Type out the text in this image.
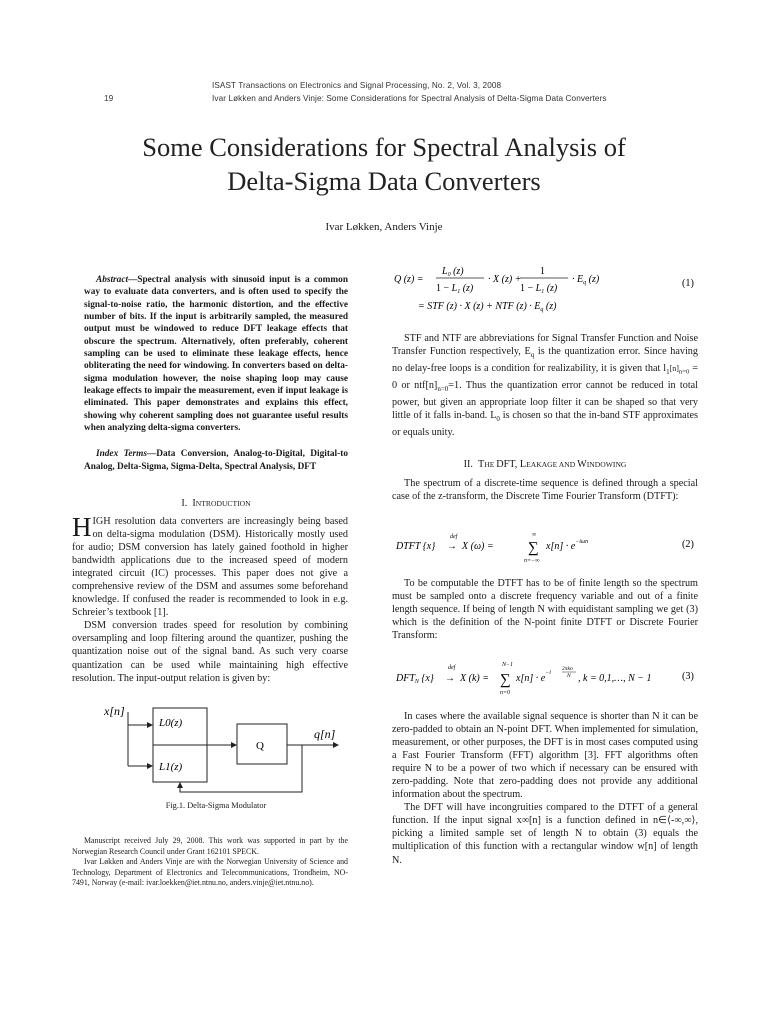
19
ISAST Transactions on Electronics and Signal Processing, No. 2, Vol. 3, 2008
Ivar Løkken and Anders Vinje: Some Considerations for Spectral Analysis of Delta-Sigma Data Converters
Some Considerations for Spectral Analysis of
Delta-Sigma Data Converters
Ivar Løkken, Anders Vinje

Abstract—Spectral analysis with sinusoid input is a common way to evaluate data converters, and is often used to specify the signal-to-noise ratio, the harmonic distortion, and the effective number of bits. If the input is arbitrarily sampled, the measured output must be windowed to reduce DFT leakage effects that obscure the spectrum. Alternatively, often preferably, coherent sampling can be used to eliminate these leakage effects, hence obliterating the need for windowing. In converters based on delta-sigma modulation however, the noise shaping loop may cause leakage effects to impair the measurement, even if input leakage is eliminated. This paper demonstrates and explains this effect, showing why coherent sampling does not guarantee useful results when analyzing delta-sigma converters.

Index Terms—Data Conversion, Analog-to-Digital, Digital-to Analog, Delta-Sigma, Sigma-Delta, Spectral Analysis, DFT

I. INTRODUCTION

HIGH resolution data converters are increasingly being based on delta-sigma modulation (DSM). Historically mostly used for audio; DSM conversion has lately gained foothold in higher bandwidth applications due to the increased speed of modern integrated circuit (IC) processes. This paper does not give a comprehensive review of the DSM and assumes some beforehand knowledge. If confused the reader is recommended to look in e.g. Schreier’s textbook [1].

DSM conversion trades speed for resolution by combining oversampling and loop filtering around the quantizer, pushing the quantization noise out of the signal band. As such very coarse quantization can be used while maintaining high effective resolution. The input-output relation is given by:

x[n]
L0(z)
L1(z)
Q
q[n]
Fig.1. Delta-Sigma Modulator

Manuscript received July 29, 2008. This work was supported in part by the Norwegian Research Council under Grant 162101 SPECK.

Ivar Løkken and Anders Vinje are with the Norwegian University of Science and Technology, Department of Electronics and Telecommunications, Trondheim, NO-7491, Norway (e-mail: ivar.loekken@iet.ntnu.no, anders.vinje@iet.ntnu.no).

Q (z) =
$L_0$ (z)
$1 - L_1$ (z)
· X (z) +
1
$1 - L_1$ (z)
· $E_q$ (z)
= STF (z) · X (z) + NTF $(z) \cdot E_q$ (z)
(1)

STF and NTF are abbreviations for Signal Transfer Function and Noise Transfer Function respectively, $E_q$ is the quantization error. Since having no delay-free loops is a condition for realizability, it is given that $l_1[n]_{n=0} = 0$ or $ntf[n]_{n=0}=1$. Thus the quantization error cannot be reduced in total power, but given an appropriate loop filter it can be shaped so that very little of it falls in-band. $L_0$ is chosen so that the in-band STF approximates or equals unity.

II. THE DFT, LEAKAGE AND WINDOWING

The spectrum of a discrete-time sequence is defined through a special case of the z-transform, the Discrete Time Fourier Transform (DTFT):

DTFT {x}
def
→ X (ω) =
∞
∑
n=−∞
$x[n] \cdot e^{-i\omega n}$	(2)

To be computable the DTFT has to be of finite length so the spectrum must be sampled onto a discrete frequency variable and out of a finite length sequence. If being of length N with equidistant sampling we get (3) which is the definition of the N-point finite DTFT or Discrete Fourier Transform:

$DFT_N$ {x}
def
→ X (k) =
N−1
∑
n=0
$x[n] \cdot e^{-i}$
2πkn
N , k = 0,1,…, N − 1	(3)

In cases where the available signal sequence is shorter than N it can be zero-padded to obtain an N-point DFT. When implemented for simulation, measurement, or other purposes, the DFT is in most cases computed using a Fast Fourier Transform (FFT) algorithm [3]. FFT algorithms often require N to be a power of two which if necessary can be ensured with zero-padding. Note that zero-padding does not provide any additional information about the spectrum.

The DFT will have incongruities compared to the DTFT of a general function. If the input signal x∞[n] is a function defined in n∈⟨-∞,∞⟩, picking a limited sample set of length N to obtain (3) equals the multiplication of this function with a rectangular window w[n] of length N.
